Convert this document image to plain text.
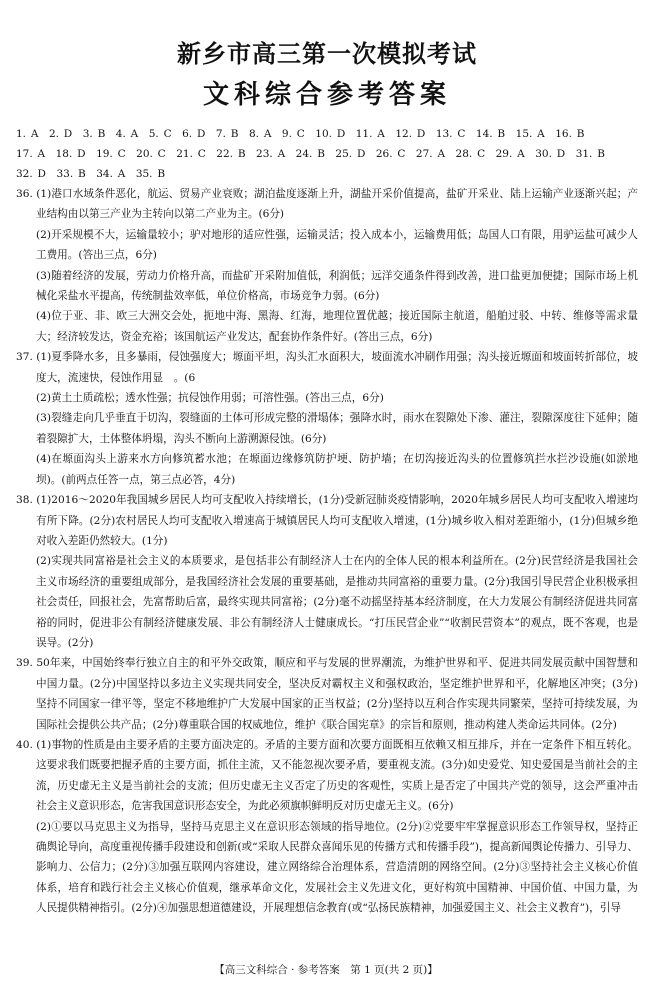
新乡市高三第一次模拟考试
文科综合参考答案
1. A　2. D　3. B　4. A　5. C　6. D　7. B　8. A　9. C　10. D　11. A　12. D　13. C　14. B　15. A　16. B
17. A　18. D　19. C　20. C　21. C　22. B　23. A　24. B　25. D　26. C　27. A　28. C　29. A　30. D　31. B
32. D　33. B　34. A　35. B
36. (1)港口水域条件恶化，航运、贸易产业衰败；湖泊盐度逐渐上升，湖盐开采价值提高，盐矿开采业、陆上运输产业逐渐兴起；产业结构由以第三产业为主转向以第二产业为主。(6分)
(2)开采规模不大，运输量较小；驴对地形的适应性强，运输灵活；投入成本小，运输费用低；岛国人口有限，用驴运盐可减少人工费用。(答出三点，6分)
(3)随着经济的发展，劳动力价格升高，而盐矿开采附加值低，利润低；远洋交通条件得到改善，进口盐更加便捷；国际市场上机械化采盐水平提高，传统制盐效率低，单位价格高，市场竞争力弱。(6分)
(4)位于亚、非、欧三大洲交会处，扼地中海、黑海、红海，地理位置优越；接近国际主航道，船舶过驳、中转、维修等需求量大；经济较发达，资金充裕；该国航运产业发达，配套协作条件好。(答出三点，6分)
37. (1)夏季降水多，且多暴雨，侵蚀强度大；塬面平坦，沟头汇水面积大，坡面流水冲刷作用强；沟头接近塬面和坡面转折部位，坡度大，流速快，侵蚀作用显　。(6
(2)黄土土质疏松；透水性强；抗侵蚀作用弱；可溶性强。(答出三点，6分)
(3)裂缝走向几乎垂直于切沟，裂缝面的土体可形成完整的滑塌体；强降水时，雨水在裂隙处下渗、灌注，裂隙深度往下延伸；随着裂隙扩大，土体整体坍塌，沟头不断向上游溯源侵蚀。(6分)
(4)在塬面沟头上游来水方向修筑蓄水池；在塬面边缘修筑防护埂、防护墙；在切沟接近沟头的位置修筑拦水拦沙设施(如淤地坝)。(前两点任答一点，第三点必答，4分)
38. (1)2016～2020年我国城乡居民人均可支配收入持续增长，(1分)受新冠肺炎疫情影响，2020年城乡居民人均可支配收入增速均有所下降。(2分)农村居民人均可支配收入增速高于城镇居民人均可支配收入增速，(1分)城乡收入相对差距缩小，(1分)但城乡绝对收入差距仍然较大。(1分)
(2)实现共同富裕是社会主义的本质要求，是包括非公有制经济人士在内的全体人民的根本利益所在。(2分)民营经济是我国社会主义市场经济的重要组成部分，是我国经济社会发展的重要基础，是推动共同富裕的重要力量。(2分)我国引导民营企业积极承担社会责任，回报社会，先富帮助后富，最终实现共同富裕；(2分)毫不动摇坚持基本经济制度，在大力发展公有制经济促进共同富裕的同时，促进非公有制经济健康发展、非公有制经济人士健康成长。“打压民营企业”“收割民营资本”的观点，既不客观，也是误导。(2分)
39. 50年来，中国始终奉行独立自主的和平外交政策，顺应和平与发展的世界潮流，为维护世界和平、促进共同发展贡献中国智慧和中国力量。(2分)中国坚持以多边主义实现共同安全，坚决反对霸权主义和强权政治，坚定维护世界和平，化解地区冲突；(3分)坚持不同国家一律平等，坚定不移地维护广大发展中国家的正当权益；(2分)坚持以互利合作实现共同繁荣，坚持可持续发展，为国际社会提供公共产品；(2分)尊重联合国的权威地位，维护《联合国宪章》的宗旨和原则，推动构建人类命运共同体。(2分)
40. (1)事物的性质是由主要矛盾的主要方面决定的。矛盾的主要方面和次要方面既相互依赖又相互排斥，并在一定条件下相互转化。这要求我们既要把握矛盾的主要方面，抓住主流，又不能忽视次要矛盾，要重视支流。(3分)如史爱党、知史爱国是当前社会的主流，历史虚无主义是当前社会的支流；但历史虚无主义否定了历史的客观性，实质上是否定了中国共产党的领导，这会严重冲击社会主义意识形态，危害我国意识形态安全，为此必须旗帜鲜明反对历史虚无主义。(6分)
(2)①要以马克思主义为指导，坚持马克思主义在意识形态领域的指导地位。(2分)②党要牢牢掌握意识形态工作领导权，坚持正确舆论导向，高度重视传播手段建设和创新(或“采取人民群众喜闻乐见的传播方式和传播手段”)，提高新闻舆论传播力、引导力、影响力、公信力；(2分)③加强互联网内容建设，建立网络综合治理体系，营造清朗的网络空间。(2分)③坚持社会主义核心价值体系，培育和践行社会主义核心价值观，继承革命文化，发展社会主义先进文化，更好构筑中国精神、中国价值、中国力量，为人民提供精神指引。(2分)④加强思想道德建设，开展理想信念教育(或“弘扬民族精神，加强爱国主义、社会主义教育”)，引导
【高三文科综合 · 参考答案　第 1 页(共 2 页)】
